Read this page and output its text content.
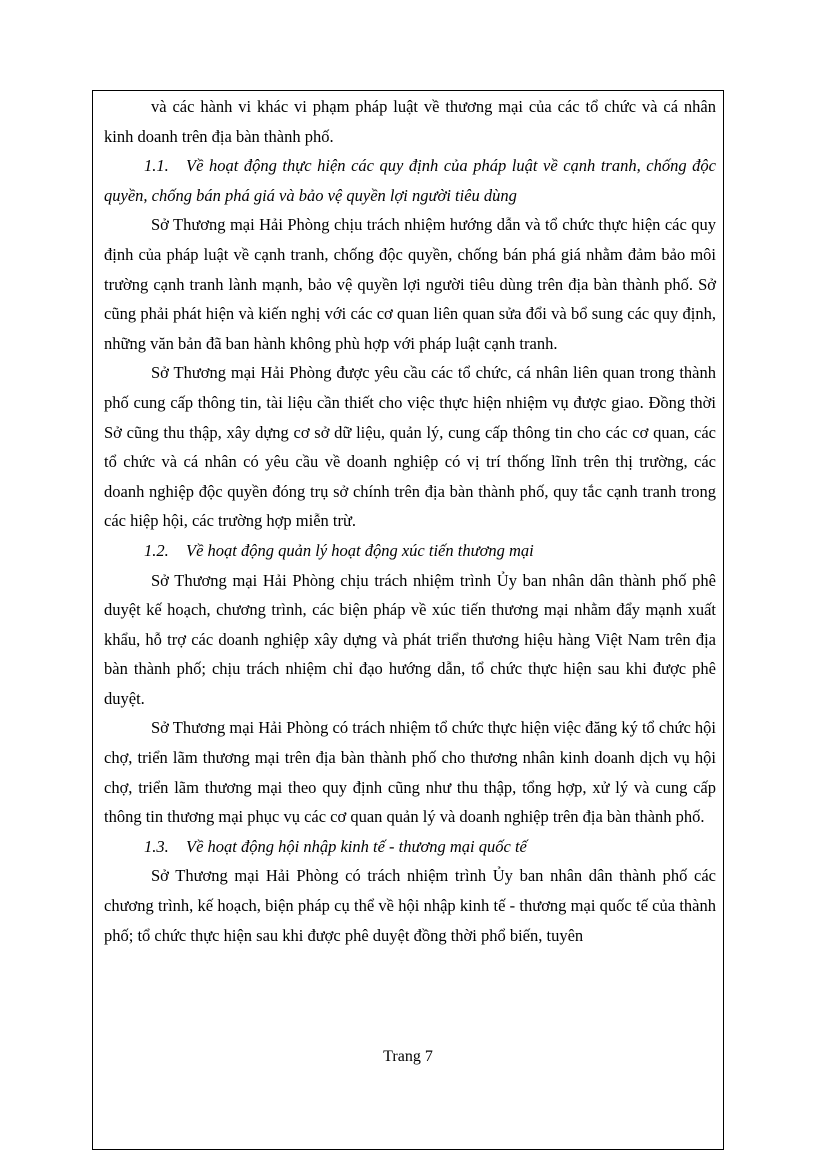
và các hành vi khác vi phạm pháp luật về thương mại của các tổ chức và cá nhân kinh doanh trên địa bàn thành phố.

1.1. Về hoạt động thực hiện các quy định của pháp luật về cạnh tranh, chống độc quyền, chống bán phá giá và bảo vệ quyền lợi người tiêu dùng

Sở Thương mại Hải Phòng chịu trách nhiệm hướng dẫn và tổ chức thực hiện các quy định của pháp luật về cạnh tranh, chống độc quyền, chống bán phá giá nhằm đảm bảo môi trường cạnh tranh lành mạnh, bảo vệ quyền lợi người tiêu dùng trên địa bàn thành phố. Sở cũng phải phát hiện và kiến nghị với các cơ quan liên quan sửa đổi và bổ sung các quy định, những văn bản đã ban hành không phù hợp với pháp luật cạnh tranh.

Sở Thương mại Hải Phòng được yêu cầu các tổ chức, cá nhân liên quan trong thành phố cung cấp thông tin, tài liệu cần thiết cho việc thực hiện nhiệm vụ được giao. Đồng thời Sở cũng thu thập, xây dựng cơ sở dữ liệu, quản lý, cung cấp thông tin cho các cơ quan, các tổ chức và cá nhân có yêu cầu về doanh nghiệp có vị trí thống lĩnh trên thị trường, các doanh nghiệp độc quyền đóng trụ sở chính trên địa bàn thành phố, quy tắc cạnh tranh trong các hiệp hội, các trường hợp miễn trừ.

1.2. Về hoạt động quản lý hoạt động xúc tiến thương mại

Sở Thương mại Hải Phòng chịu trách nhiệm trình Ủy ban nhân dân thành phố phê duyệt kế hoạch, chương trình, các biện pháp về xúc tiến thương mại nhằm đẩy mạnh xuất khẩu, hỗ trợ các doanh nghiệp xây dựng và phát triển thương hiệu hàng Việt Nam trên địa bàn thành phố; chịu trách nhiệm chỉ đạo hướng dẫn, tổ chức thực hiện sau khi được phê duyệt.

Sở Thương mại Hải Phòng có trách nhiệm tổ chức thực hiện việc đăng ký tổ chức hội chợ, triển lãm thương mại trên địa bàn thành phố cho thương nhân kinh doanh dịch vụ hội chợ, triển lãm thương mại theo quy định cũng như thu thập, tổng hợp, xử lý và cung cấp thông tin thương mại phục vụ các cơ quan quản lý và doanh nghiệp trên địa bàn thành phố.

1.3. Về hoạt động hội nhập kinh tế - thương mại quốc tế

Sở Thương mại Hải Phòng có trách nhiệm trình Ủy ban nhân dân thành phố các chương trình, kế hoạch, biện pháp cụ thể về hội nhập kinh tế - thương mại quốc tế của thành phố; tổ chức thực hiện sau khi được phê duyệt đồng thời phổ biến, tuyên

Trang 7
